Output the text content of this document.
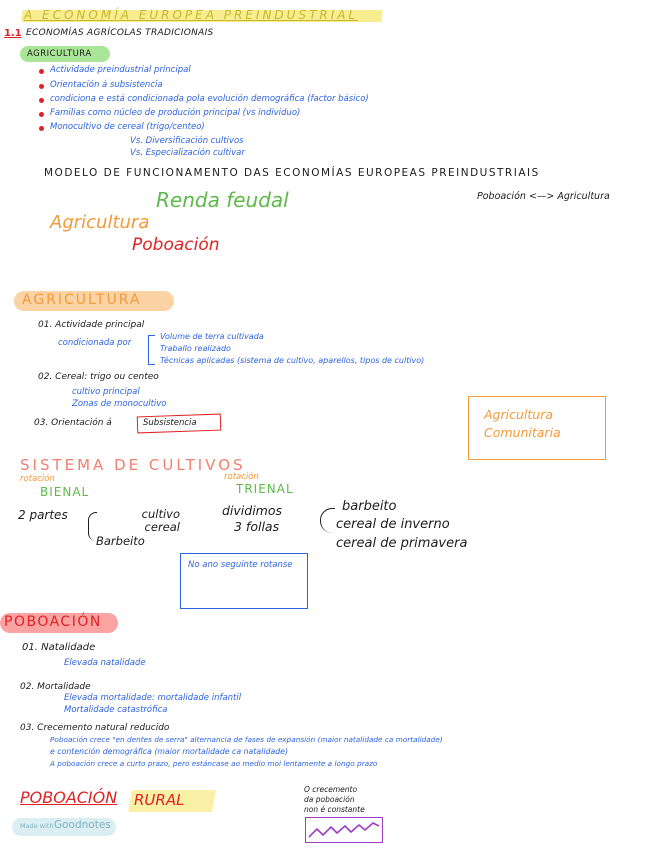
A ECONOMÍA EUROPEA PREINDUSTRIAL
1.1 ECONOMÍAS AGRÍCOLAS TRADICIONAIS
AGRICULTURA
Actividade preindustrial principal
Orientación á subsistencia
condiciona e está condicionada pola evolución demográfica (factor básico)
Familias como núcleo de produción principal (vs individuo)
Monocultivo de cereal (trigo/centeo)
Vs. Diversificación cultivos
Vs. Especialización cultivar
MODELO DE FUNCIONAMENTO DAS ECONOMÍAS EUROPEAS PREINDUSTRIAIS
Renda feudal	Poboación <—> Agricultura
Agricultura
Poboación
AGRICULTURA
01. Actividade principal
condicionada por
Volume de terra cultivada
Traballo realizado
Técnicas aplicadas (sistema de cultivo, aparellos, tipos de cultivo)
02. Cereal: trigo ou centeo
cultivo principal
Zonas de monocultivo
03. Orientación á	Subsistencia
Agricultura Comunitaria
SISTEMA DE CULTIVOS
rotación
BIENAL
rotación
TRIENAL
2 partes	cultivo cereal
Barbeito
dividimos
3 follas
barbeito
cereal de inverno
cereal de primavera
No ano seguinte rotanse
POBOACIÓN
01. Natalidade
Elevada natalidade
02. Mortalidade
Elevada mortalidade: mortalidade infantil
Mortalidade catastrófica
03. Crecemento natural reducido
Poboación crece "en dentes de serra" alternancia de fases de expansión (maior natalidade ca mortalidade)
e contención demográfica (maior mortalidade ca natalidade)
A poboación crece a curto prazo, pero estáncase ao medio moi lentamente a longo prazo
POBOACIÓN RURAL
O crecemento
da poboación
non é constante
Made with Goodnotes
